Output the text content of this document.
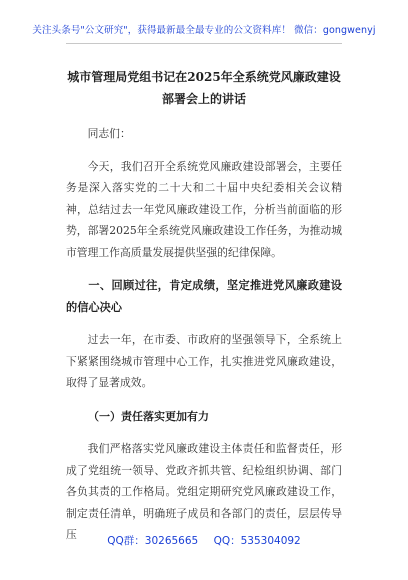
关注头条号"公文研究"，获得最新最全最专业的公文资料库！ 微信：gongwenyj
城市管理局党组书记在2025年全系统党风廉政建设部署会上的讲话

同志们：

今天，我们召开全系统党风廉政建设部署会，主要任务是深入落实党的二十大和二十届中央纪委相关会议精神，总结过去一年党风廉政建设工作，分析当前面临的形势，部署2025年全系统党风廉政建设工作任务，为推动城市管理工作高质量发展提供坚强的纪律保障。

一、回顾过往，肯定成绩，坚定推进党风廉政建设的信心决心

过去一年，在市委、市政府的坚强领导下，全系统上下紧紧围绕城市管理中心工作，扎实推进党风廉政建设，取得了显著成效。

（一）责任落实更加有力

我们严格落实党风廉政建设主体责任和监督责任，形成了党组统一领导、党政齐抓共管、纪检组织协调、部门各负其责的工作格局。党组定期研究党风廉政建设工作，制定责任清单，明确班子成员和各部门的责任，层层传导压	QQ群：30265665 QQ：535304092
